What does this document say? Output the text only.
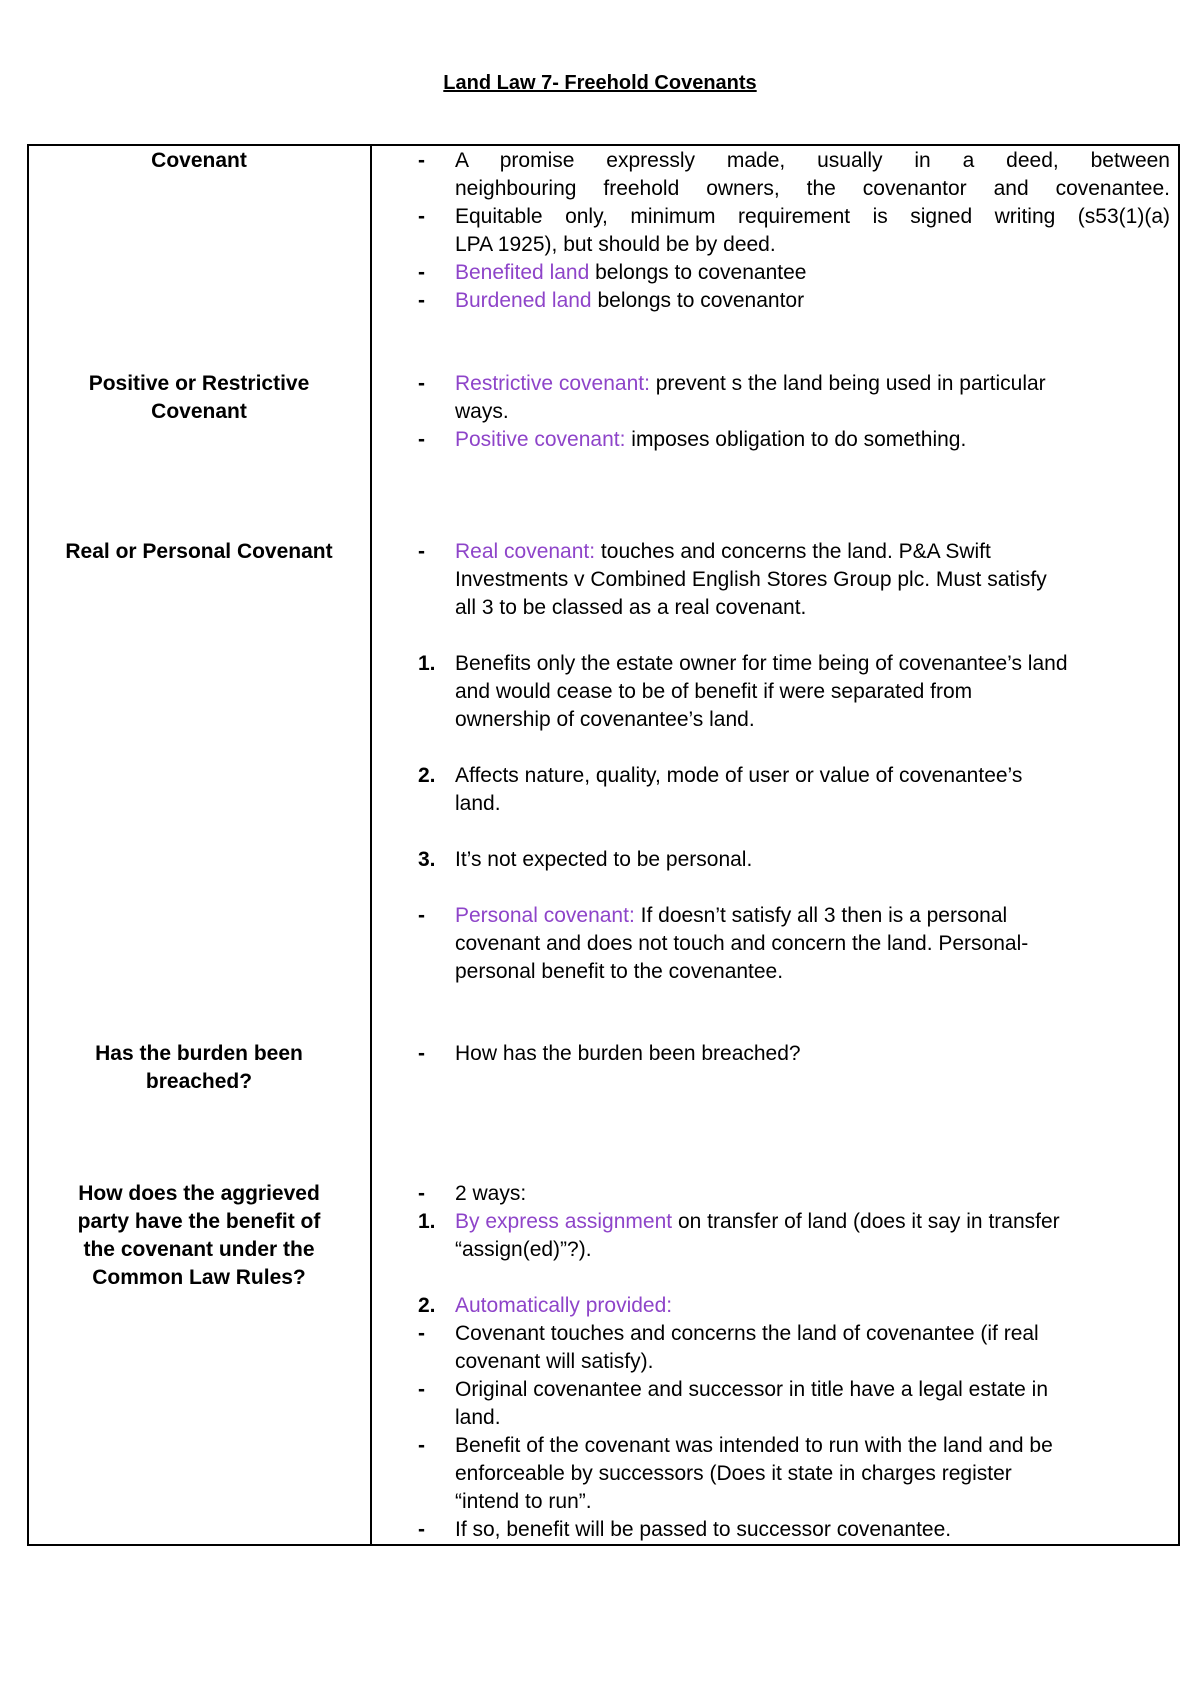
Land Law 7- Freehold Covenants
Covenant	-	A promise expressly made, usually in a deed, between
neighbouring freehold owners, the covenantor and covenantee.
-	Equitable only, minimum requirement is signed writing (s53(1)(a)
LPA 1925), but should be by deed.
-	Benefited land belongs to covenantee
-	Burdened land belongs to covenantor
Positive or Restrictive
Covenant
-	Restrictive covenant: prevent s the land being used in particular
ways.
-	Positive covenant: imposes obligation to do something.
Real or Personal Covenant	-	Real covenant: touches and concerns the land. P&A Swift
Investments v Combined English Stores Group plc. Must satisfy
all 3 to be classed as a real covenant.
1. Benefits only the estate owner for time being of covenantee’s land
and would cease to be of benefit if were separated from
ownership of covenantee’s land.
2. Affects nature, quality, mode of user or value of covenantee’s
land.
3. It’s not expected to be personal.
-	Personal covenant: If doesn’t satisfy all 3 then is a personal
covenant and does not touch and concern the land. Personal-
personal benefit to the covenantee.
Has the burden been
breached?
-	How has the burden been breached?
How does the aggrieved
party have the benefit of
the covenant under the
Common Law Rules?
-	2 ways:
1. By express assignment on transfer of land (does it say in transfer
“assign(ed)”?).
2. Automatically provided:
-	Covenant touches and concerns the land of covenantee (if real
covenant will satisfy).
-	Original covenantee and successor in title have a legal estate in
land.
-	Benefit of the covenant was intended to run with the land and be
enforceable by successors (Does it state in charges register
“intend to run”.
-	If so, benefit will be passed to successor covenantee.
